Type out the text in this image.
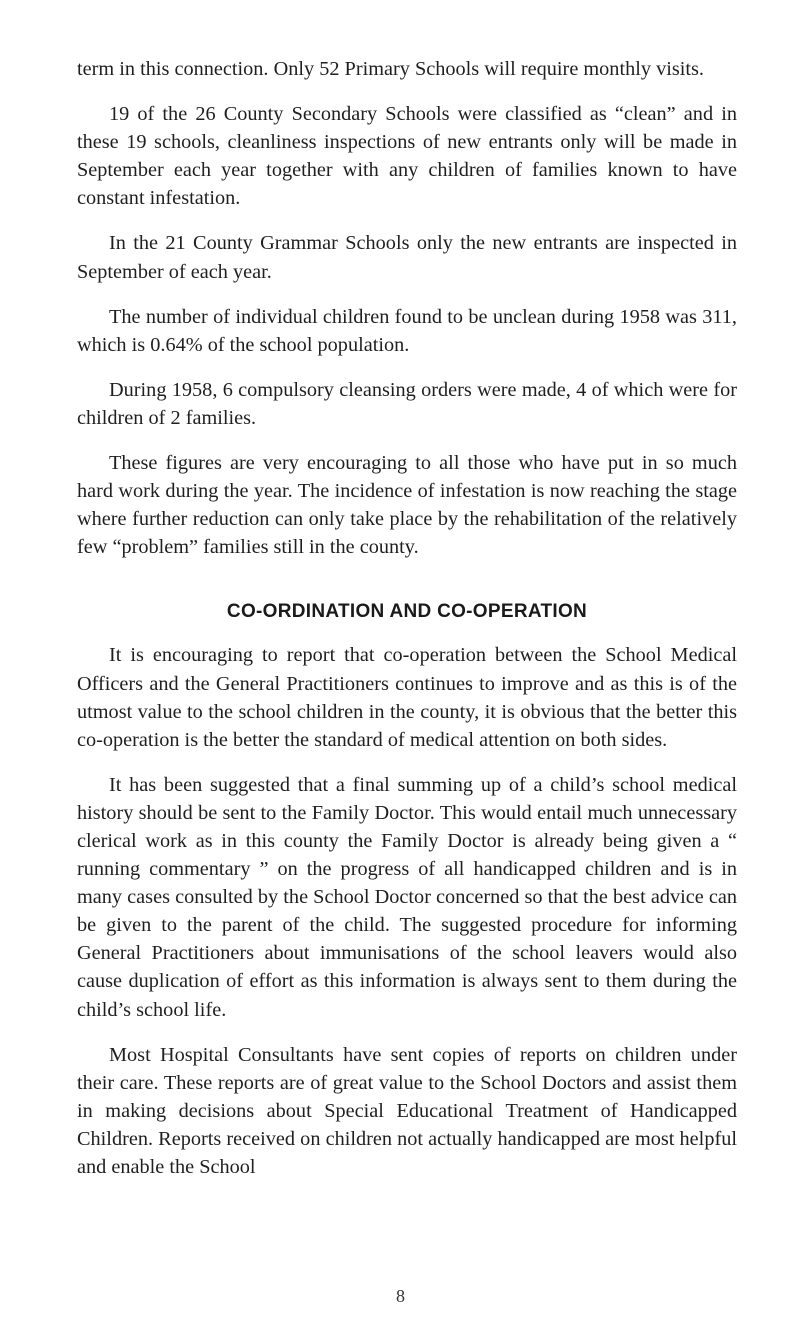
term in this connection. Only 52 Primary Schools will require monthly visits.

19 of the 26 County Secondary Schools were classified as “clean” and in these 19 schools, cleanliness inspections of new entrants only will be made in September each year together with any children of families known to have constant infestation.

In the 21 County Grammar Schools only the new entrants are inspected in September of each year.

The number of individual children found to be unclean during 1958 was 311, which is 0.64% of the school population.

During 1958, 6 compulsory cleansing orders were made, 4 of which were for children of 2 families.

These figures are very encouraging to all those who have put in so much hard work during the year. The incidence of infestation is now reaching the stage where further reduction can only take place by the rehabilitation of the relatively few “problem” families still in the county.

CO-ORDINATION AND CO-OPERATION

It is encouraging to report that co-operation between the School Medical Officers and the General Practitioners continues to improve and as this is of the utmost value to the school children in the county, it is obvious that the better this co-operation is the better the standard of medical attention on both sides.

It has been suggested that a final summing up of a child’s school medical history should be sent to the Family Doctor. This would entail much unnecessary clerical work as in this county the Family Doctor is already being given a “ running commentary ” on the progress of all handicapped children and is in many cases consulted by the School Doctor concerned so that the best advice can be given to the parent of the child. The suggested procedure for informing General Practitioners about immunisations of the school leavers would also cause duplication of effort as this information is always sent to them during the child’s school life.

Most Hospital Consultants have sent copies of reports on children under their care. These reports are of great value to the School Doctors and assist them in making decisions about Special Educational Treatment of Handicapped Children. Reports received on children not actually handicapped are most helpful and enable the School

8
